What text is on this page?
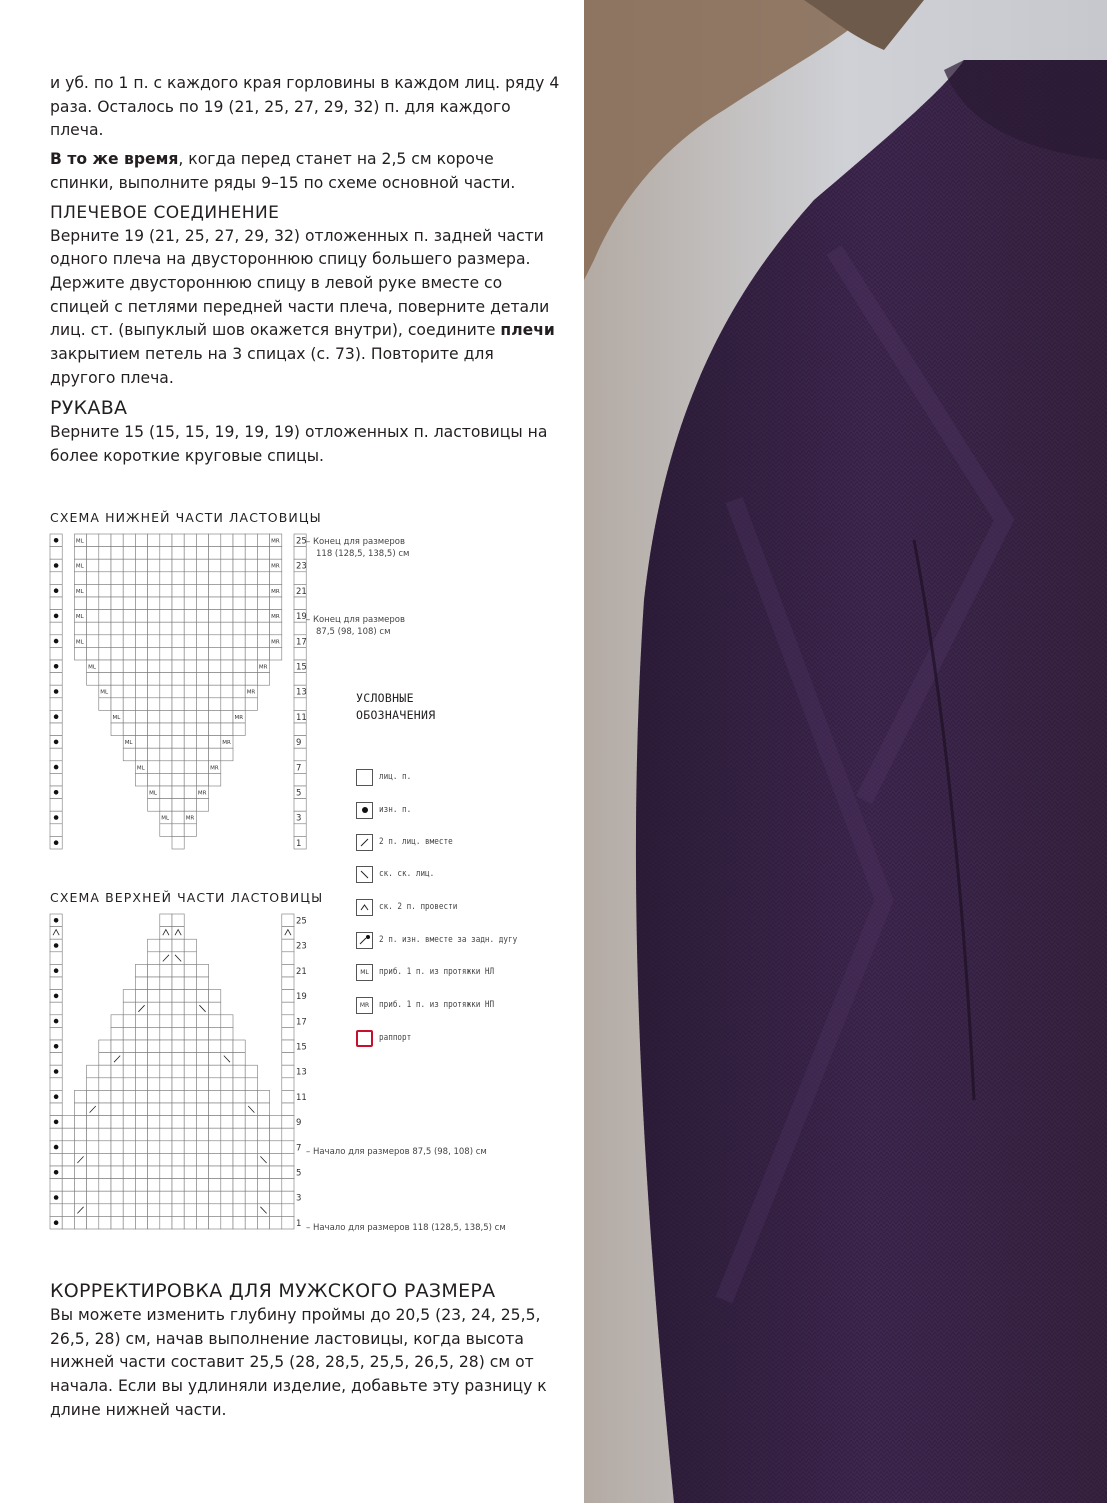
и уб. по 1 п. с каждого края горловины в каждом лиц. ряду 4 раза. Осталось по 19 (21, 25, 27, 29, 32) п. для каждого плеча.

В то же время, когда перед станет на 2,5 см короче спинки, выполните ряды 9–15 по схеме основной части.

ПЛЕЧЕВОЕ СОЕДИНЕНИЕ

Верните 19 (21, 25, 27, 29, 32) отложенных п. задней части одного плеча на двустороннюю спицу большего размера. Держите двустороннюю спицу в левой руке вместе со спицей с петлями передней части плеча, поверните детали лиц. ст. (выпуклый шов окажется внутри), соедините плечи закрытием петель на 3 спицах (с. 73). Повторите для другого плеча.

РУКАВА

Верните 15 (15, 15, 19, 19, 19) отложенных п. ластовицы на более короткие круговые спицы.

СХЕМА НИЖНЕЙ ЧАСТИ ЛАСТОВИЦЫ
ML	MR
ML	MR
ML	MR
ML	MR
ML	MR
ML	MR
ML	MR
ML	MR
ML	MR
ML	MR
ML	MR
ML	MR
25
23
21
19
17
15
13
11
9
7
5
3
1
– Конец для размеров
118 (128,5, 138,5) см
– Конец для размеров
87,5 (98, 108) см
СХЕМА ВЕРХНЕЙ ЧАСТИ ЛАСТОВИЦЫ
25
23
21
19
17
15
13
11
9
7
5
3
1
– Начало для размеров 87,5 (98, 108) см
– Начало для размеров 118 (128,5, 138,5) см
УСЛОВНЫЕ
ОБОЗНАЧЕНИЯ
лиц. п.
изн. п.
2 п. лиц. вместе
ск. ск. лиц.
ск. 2 п. провести
2 п. изн. вместе за задн. дугу
ML	приб. 1 п. из протяжки НЛ
MR	приб. 1 п. из протяжки НП
раппорт
КОРРЕКТИРОВКА ДЛЯ МУЖСКОГО РАЗМЕРА

Вы можете изменить глубину проймы до 20,5 (23, 24, 25,5, 26,5, 28) см, начав выполнение ластовицы, когда высота нижней части составит 25,5 (28, 28,5, 25,5, 26,5, 28) см от начала. Если вы удлиняли изделие, добавьте эту разницу к длине нижней части.
